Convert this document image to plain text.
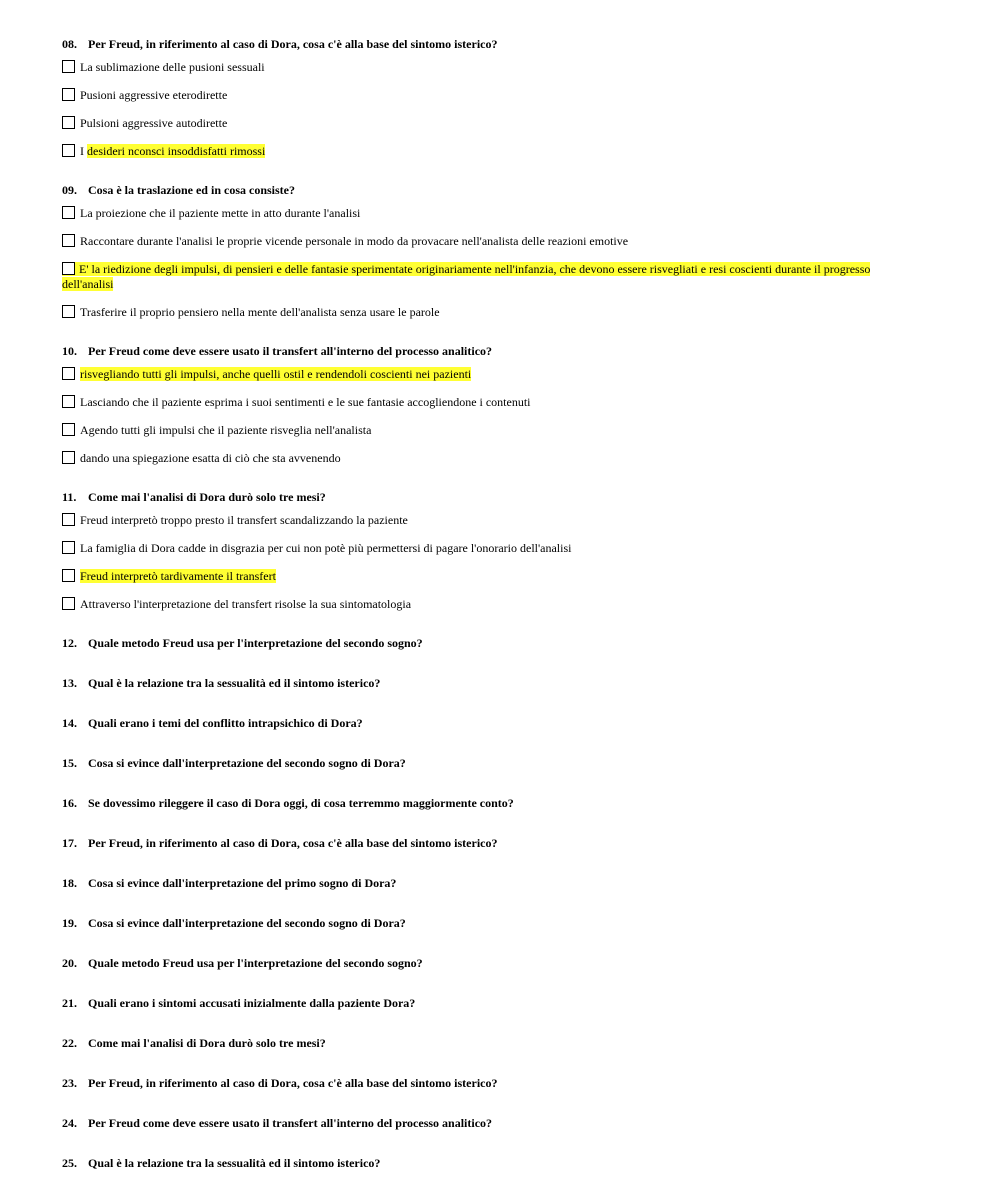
08. Per Freud, in riferimento al caso di Dora, cosa c'è alla base del sintomo isterico?

La sublimazione delle pusioni sessuali
Pusioni aggressive eterodirette
Pulsioni aggressive autodirette
I desideri nconsci insoddisfatti rimossi

09. Cosa è la traslazione ed in cosa consiste?

La proiezione che il paziente mette in atto durante l'analisi
Raccontare durante l'analisi le proprie vicende personale in modo da provacare nell'analista delle reazioni emotive
E' la riedizione degli impulsi, di pensieri e delle fantasie sperimentate originariamente nell'infanzia, che devono essere risvegliati e resi coscienti durante il progresso dell'analisi
Trasferire il proprio pensiero nella mente dell'analista senza usare le parole

10. Per Freud come deve essere usato il transfert all'interno del processo analitico?

risvegliando tutti gli impulsi, anche quelli ostil e rendendoli coscienti nei pazienti
Lasciando che il paziente esprima i suoi sentimenti e le sue fantasie accogliendone i contenuti
Agendo tutti gli impulsi che il paziente risveglia nell'analista
dando una spiegazione esatta di ciò che sta avvenendo

11. Come mai l'analisi di Dora durò solo tre mesi?

Freud interpretò troppo presto il transfert scandalizzando la paziente
La famiglia di Dora cadde in disgrazia per cui non potè più permettersi di pagare l'onorario dell'analisi
Freud interpretò tardivamente il transfert
Attraverso l'interpretazione del transfert risolse la sua sintomatologia

12. Quale metodo Freud usa per l'interpretazione del secondo sogno?

13. Qual è la relazione tra la sessualità ed il sintomo isterico?

14. Quali erano i temi del conflitto intrapsichico di Dora?

15. Cosa si evince dall'interpretazione del secondo sogno di Dora?

16. Se dovessimo rileggere il caso di Dora oggi, di cosa terremmo maggiormente conto?

17. Per Freud, in riferimento al caso di Dora, cosa c'è alla base del sintomo isterico?

18. Cosa si evince dall'interpretazione del primo sogno di Dora?

19. Cosa si evince dall'interpretazione del secondo sogno di Dora?

20. Quale metodo Freud usa per l'interpretazione del secondo sogno?

21. Quali erano i sintomi accusati inizialmente dalla paziente Dora?

22. Come mai l'analisi di Dora durò solo tre mesi?

23. Per Freud, in riferimento al caso di Dora, cosa c'è alla base del sintomo isterico?

24. Per Freud come deve essere usato il transfert all'interno del processo analitico?

25. Qual è la relazione tra la sessualità ed il sintomo isterico?
